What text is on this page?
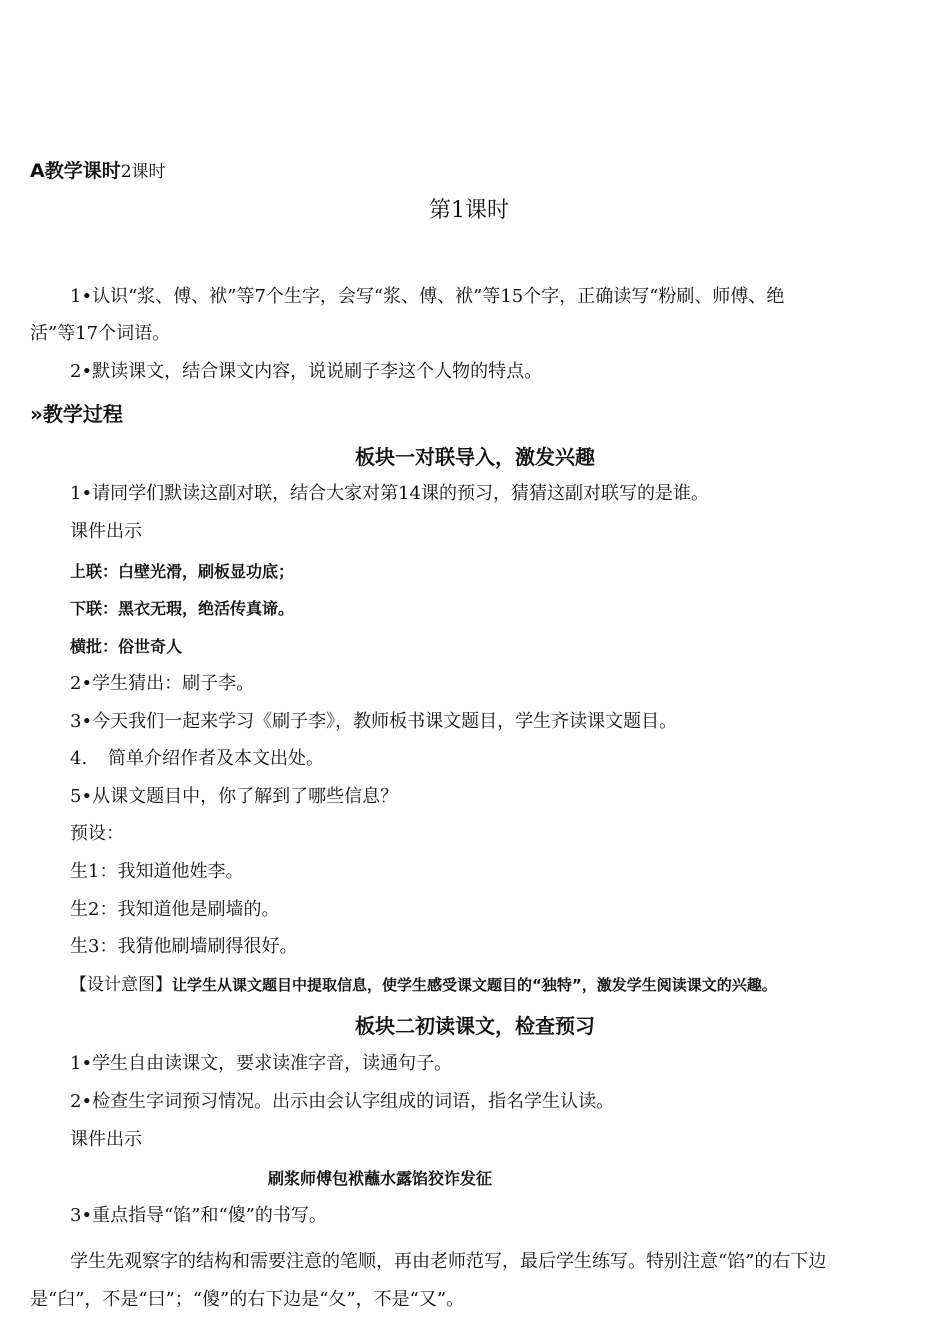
A教学课时2课时
第1课时
1•认识“浆、傅、袱”等7个生字，会写“浆、傅、袱”等15个字，正确读写“粉刷、师傅、绝
活”等17个词语。
2•默读课文，结合课文内容，说说刷子李这个人物的特点。
»教学过程
板块一对联导入，激发兴趣
1•请同学们默读这副对联，结合大家对第14课的预习，猜猜这副对联写的是谁。
课件出示
上联：白壁光滑，刷板显功底；
下联：黑衣无瑕，绝活传真谛。
横批：俗世奇人
2•学生猜出：刷子李。
3•今天我们一起来学习《刷子李》，教师板书课文题目，学生齐读课文题目。
4. 简单介绍作者及本文出处。
5•从课文题目中，你了解到了哪些信息？
预设：
生1：我知道他姓李。
生2：我知道他是刷墙的。
生3：我猜他刷墙刷得很好。
【设计意图】让学生从课文题目中提取信息，使学生感受课文题目的“独特”，激发学生阅读课文的兴趣。
板块二初读课文，检查预习
1•学生自由读课文，要求读准字音，读通句子。
2•检查生字词预习情况。出示由会认字组成的词语，指名学生认读。
课件出示
刷浆师傅包袱蘸水露馅狡诈发征
3•重点指导“馅”和“傻”的书写。
学生先观察字的结构和需要注意的笔顺，再由老师范写，最后学生练写。特别注意“馅”的右下边
是“臼”，不是“曰”；“傻”的右下边是“夂”，不是“又”。
